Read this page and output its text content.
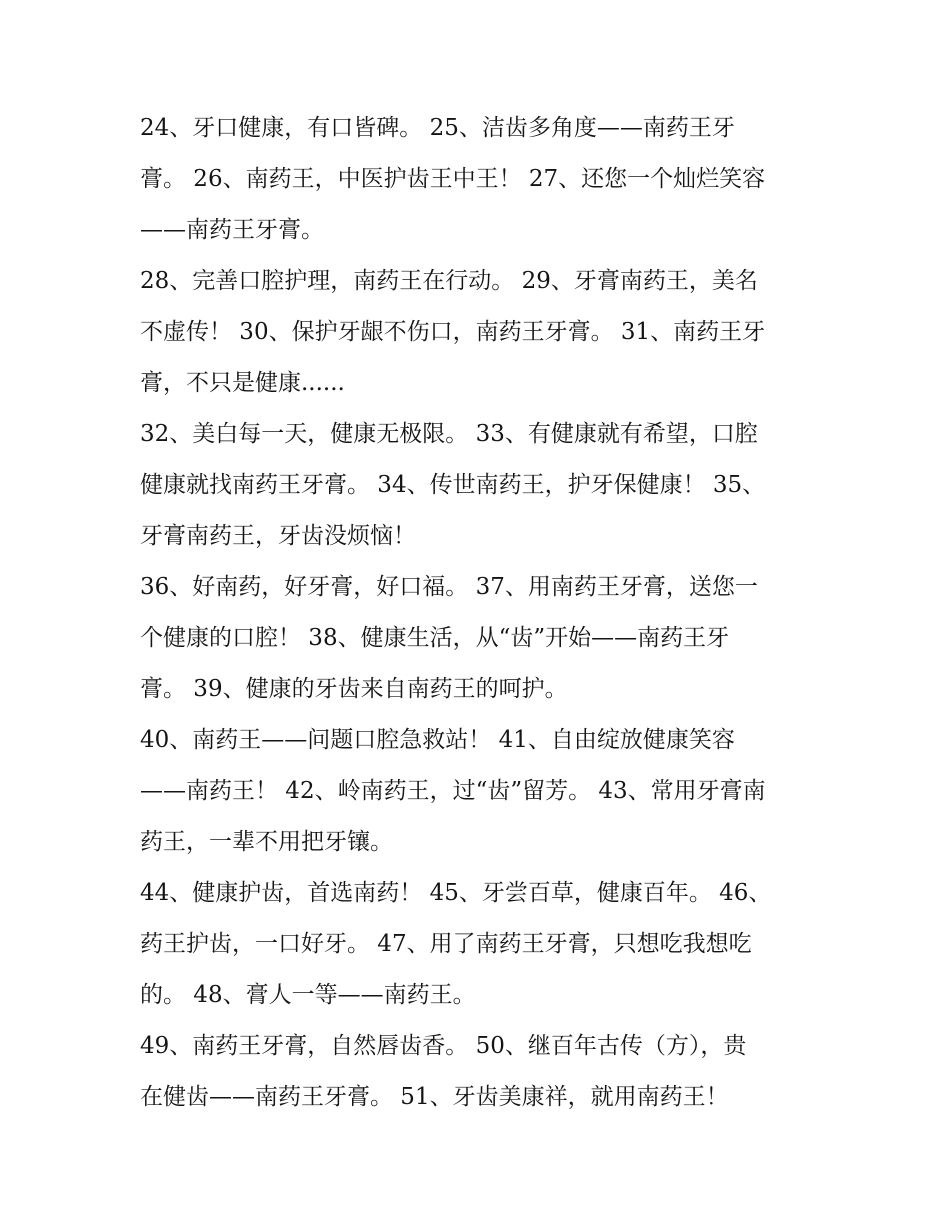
24、牙口健康，有口皆碑。 25、洁齿多角度——南药王牙
膏。 26、南药王，中医护齿王中王！ 27、还您一个灿烂笑容
——南药王牙膏。

28、完善口腔护理，南药王在行动。 29、牙膏南药王，美名
不虚传！ 30、保护牙龈不伤口，南药王牙膏。 31、南药王牙
膏，不只是健康......

32、美白每一天，健康无极限。 33、有健康就有希望，口腔
健康就找南药王牙膏。 34、传世南药王，护牙保健康！ 35、
牙膏南药王，牙齿没烦恼！

36、好南药，好牙膏，好口福。 37、用南药王牙膏，送您一
个健康的口腔！ 38、健康生活，从“齿”开始——南药王牙
膏。 39、健康的牙齿来自南药王的呵护。

40、南药王——问题口腔急救站！ 41、自由绽放健康笑容
——南药王！ 42、岭南药王，过“齿”留芳。 43、常用牙膏南
药王，一辈不用把牙镶。

44、健康护齿，首选南药！ 45、牙尝百草，健康百年。 46、
药王护齿，一口好牙。 47、用了南药王牙膏，只想吃我想吃
的。 48、膏人一等——南药王。

49、南药王牙膏，自然唇齿香。 50、继百年古传（方），贵
在健齿——南药王牙膏。 51、牙齿美康祥，就用南药王！
